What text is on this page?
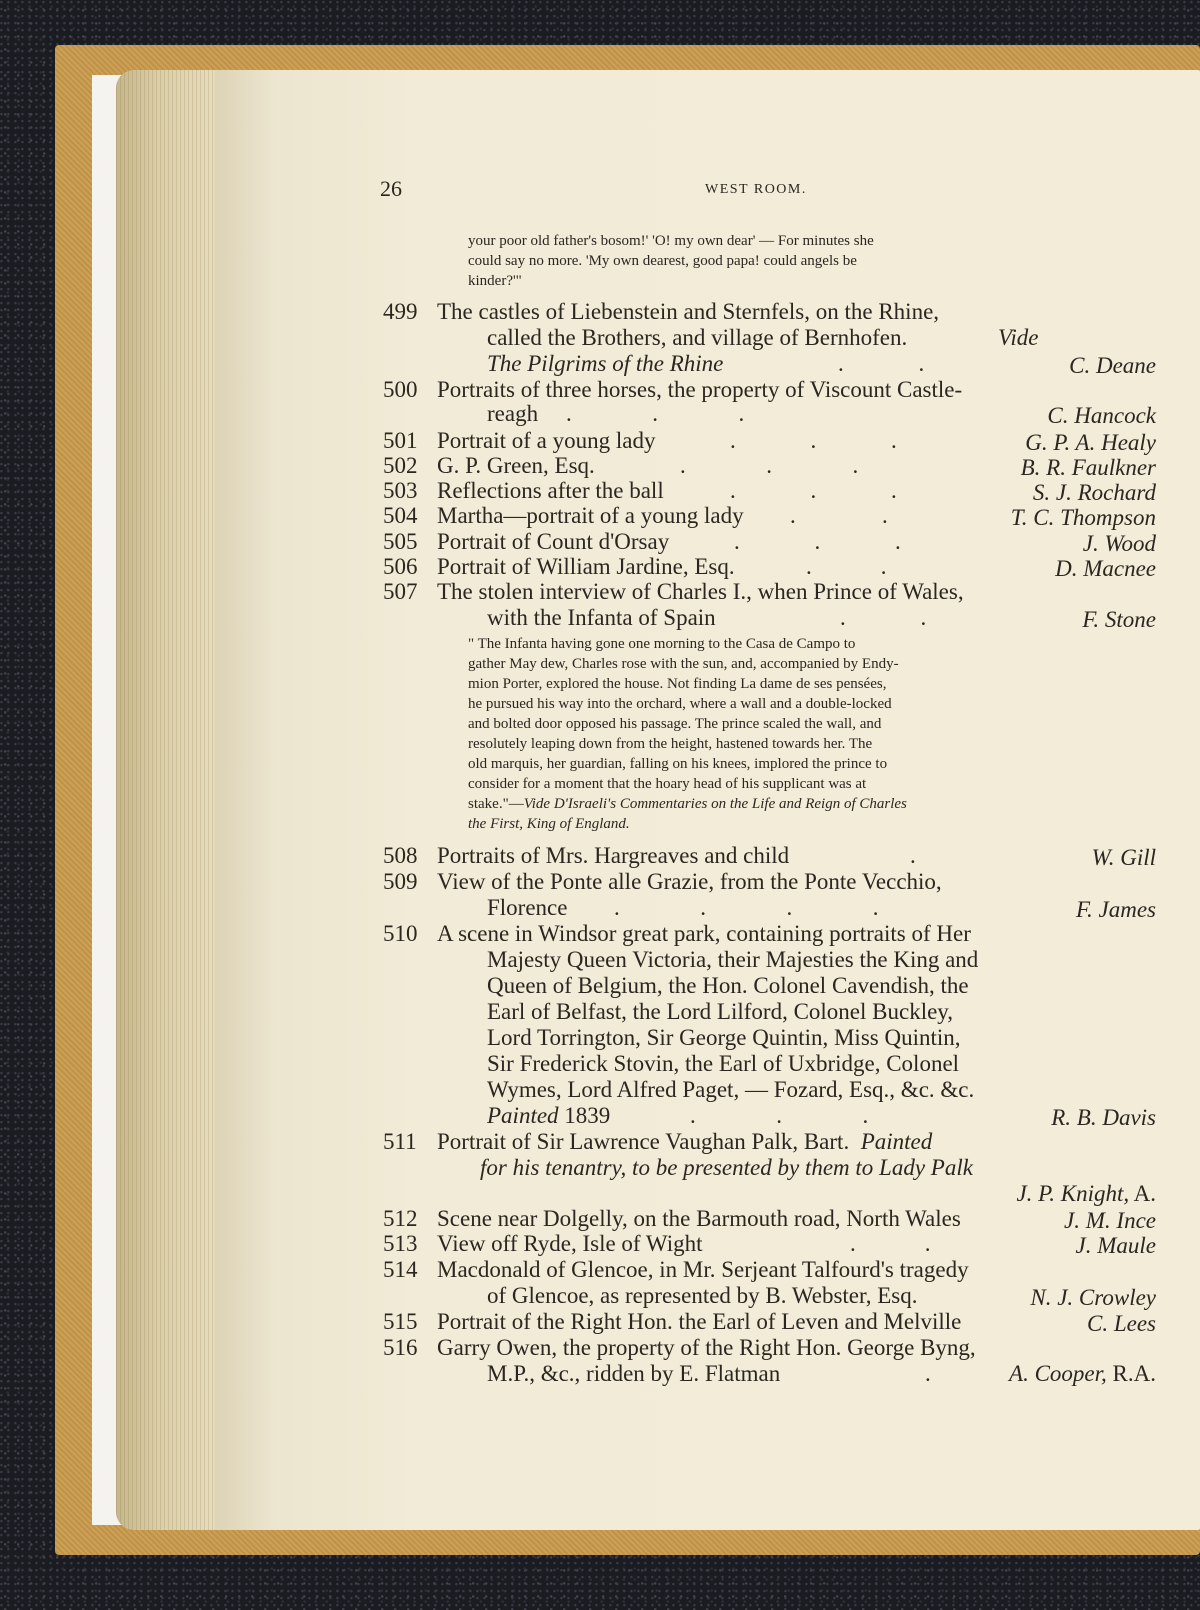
26	WEST ROOM.
your poor old father's bosom!' 'O! my own dear' — For minutes she
could say no more. 'My own dearest, good papa! could angels be
kinder?'"
499 The castles of Liebenstein and Sternfels, on the Rhine,
called the Brothers, and village of Bernhofen.	Vide
The Pilgrims of the Rhine	.             .	C. Deane
500 Portraits of three horses, the property of Viscount Castle-
reagh .              .              .	C. Hancock
501 Portrait of a young lady	.             .             .	G. P. A. Healy
502 G. P. Green, Esq.	.              .              .	B. R. Faulkner
503 Reflections after the ball	.             .             .	S. J. Rochard
504 Martha—portrait of a young lady .               .	T. C. Thompson
505 Portrait of Count d'Orsay	.             .             .	J. Wood
506 Portrait of William Jardine, Esq.	.            .	D. Macnee
507 The stolen interview of Charles I., when Prince of Wales,
with the Infanta of Spain	.             .	F. Stone
" The Infanta having gone one morning to the Casa de Campo to
gather May dew, Charles rose with the sun, and, accompanied by Endy-
mion Porter, explored the house. Not finding La dame de ses pensées,
he pursued his way into the orchard, where a wall and a double-locked
and bolted door opposed his passage. The prince scaled the wall, and
resolutely leaping down from the height, hastened towards her. The
old marquis, her guardian, falling on his knees, implored the prince to
consider for a moment that the hoary head of his supplicant was at
stake."—Vide D'Israeli's Commentaries on the Life and Reign of Charles
the First, King of England.
508 Portraits of Mrs. Hargreaves and child	.	W. Gill
509 View of the Ponte alle Grazie, from the Ponte Vecchio,
Florence .              .              .              .	F. James
510 A scene in Windsor great park, containing portraits of Her
Majesty Queen Victoria, their Majesties the King and
Queen of Belgium, the Hon. Colonel Cavendish, the
Earl of Belfast, the Lord Lilford, Colonel Buckley,
Lord Torrington, Sir George Quintin, Miss Quintin,
Sir Frederick Stovin, the Earl of Uxbridge, Colonel
Wymes, Lord Alfred Paget, — Fozard, Esq., &c. &c.
Painted 1839	.              .              .	R. B. Davis
511 Portrait of Sir Lawrence Vaughan Palk, Bart. Painted
for his tenantry, to be presented by them to Lady Palk
J. P. Knight, A.
512 Scene near Dolgelly, on the Barmouth road, North Wales	J. M. Ince
513 View off Ryde, Isle of Wight	.            .	J. Maule
514 Macdonald of Glencoe, in Mr. Serjeant Talfourd's tragedy
of Glencoe, as represented by B. Webster, Esq.	N. J. Crowley
515 Portrait of the Right Hon. the Earl of Leven and Melville	C. Lees
516 Garry Owen, the property of the Right Hon. George Byng,
M.P., &c., ridden by E. Flatman	.	A. Cooper, R.A.
